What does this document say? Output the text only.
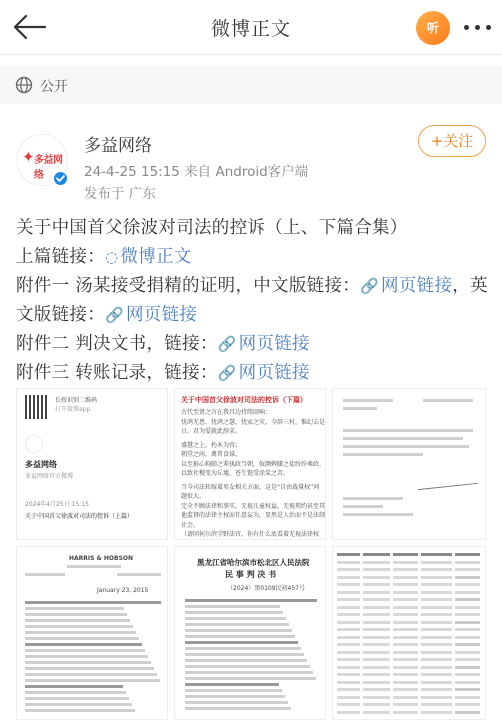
微博正文	听
公开
✦ 多益网络
多益网络
24-4-25 15:15 来自 Android客户端
发布于 广东
+关注
关于中国首父徐波对司法的控诉（上、下篇合集）
上篇链接：◌ 微博正文
附件一 汤某接受捐精的证明，中文版链接：🔗 网页链接，英文版链接：🔗 网页链接
附件二 判决文书，链接：🔗 网页链接
附件三 转账记录，链接：🔗 网页链接
长按识别二维码
打开微博app
多益网络
多益网络官方微博
2024年4月25日 15:15
关于中国首父徐波对司法的控诉（上篇）
关于中国首父徐波对司法的控诉（下篇）
古代至贤之言在我耳边持续回响：
忧鸿无患，忧鸿之瑟，忧家之灾。今辞三村，惟幻去是
日。君为爱就此辞求。
盛慧之上，朽木为容；
朝堂之间，禽兽食禄。
以至狼心狗肺之辈执政当朝，奴颜婢膝之徒纷纷乘政，
以致社稷变为丘墟，苍生饱受涂炭之苦。
当今司法转嫁着男女相关方面，这是“自由裁量权”问
题很大。
完全不顾法律和事实，无视儿童权益，无视契约甚至其
他监督的法律主权而任意妄为，显然是人治而不是法制
社会。
（请问何尔滨学野法官，你有什么底看着无视法律权
HARRIS & HOBSON
January 23, 2015
黑龙江省哈尔滨市松北区人民法院
民 事 判 决 书
（2024）黑0109民初457号
